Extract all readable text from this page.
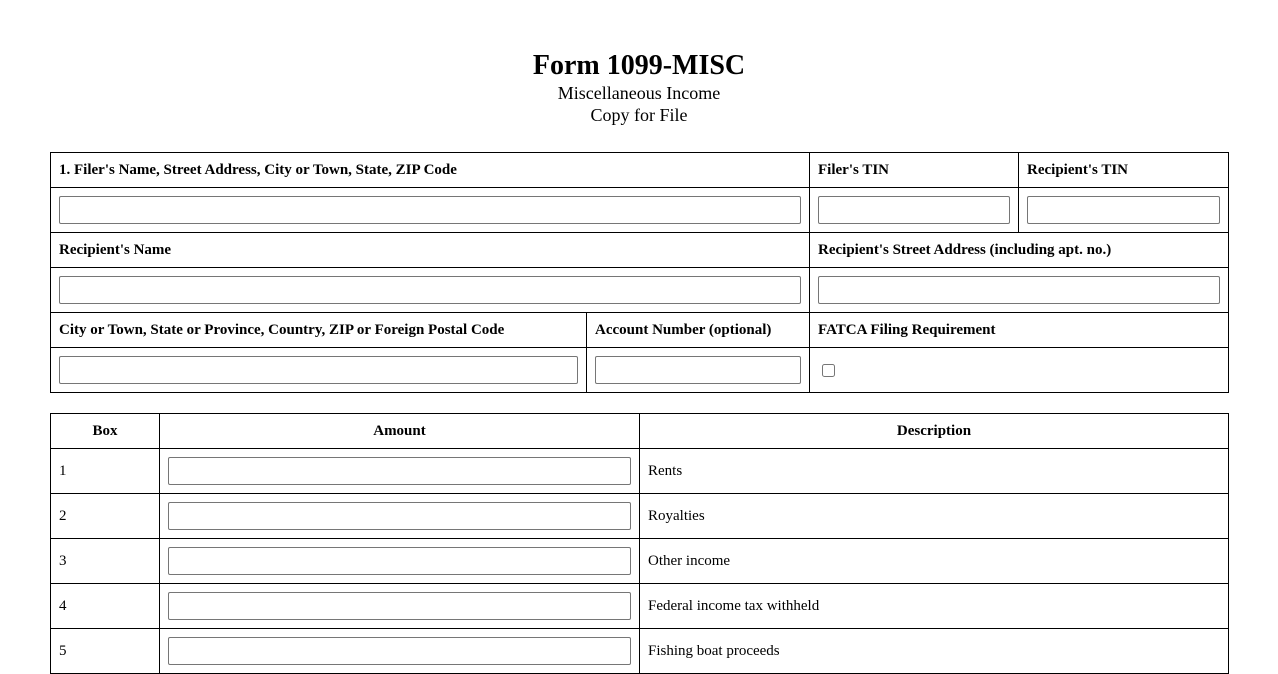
Form 1099-MISC
Miscellaneous Income
Copy for File
1. Filer's Name, Street Address, City or Town, State, ZIP Code		Filer's TIN	Recipient's TIN

Recipient's Name		Recipient's Street Address (including apt. no.)	

City or Town, State or Province, Country, ZIP or Foreign Postal Code	Account Number (optional)	FATCA Filing Requirement	

Box	Amount	Description
1		Rents
2		Royalties
3		Other income
4		Federal income tax withheld
5		Fishing boat proceeds
